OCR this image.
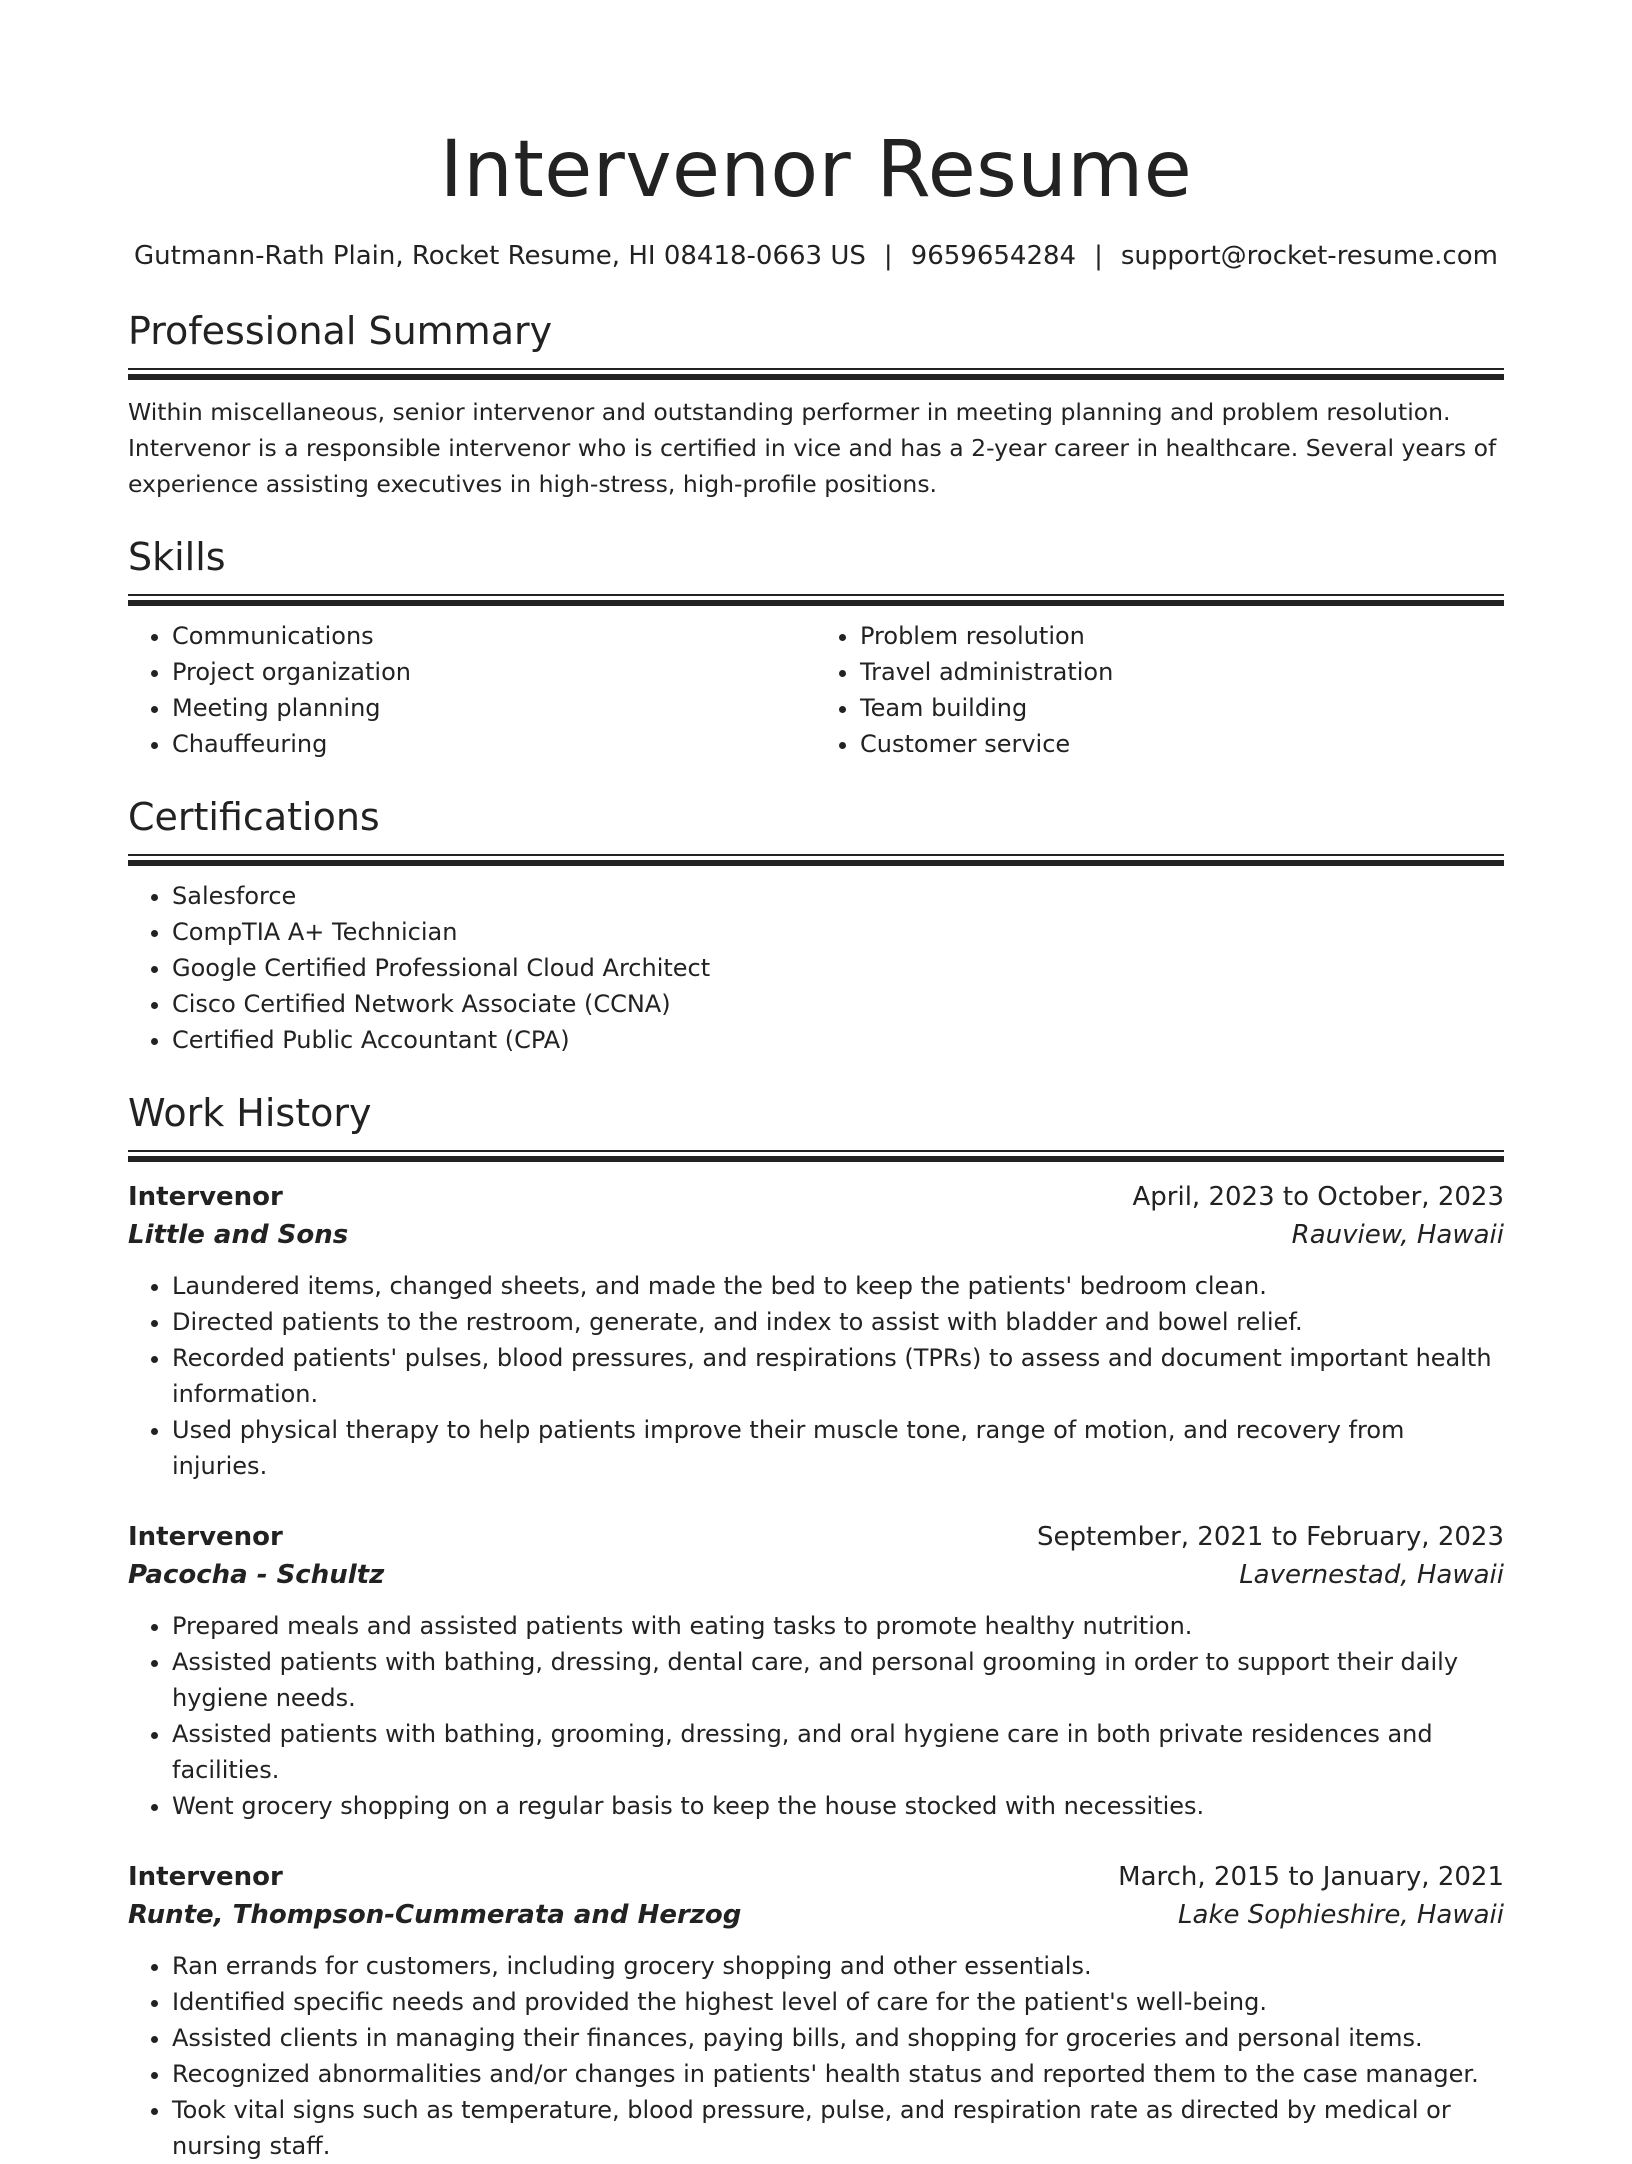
Intervenor Resume
Gutmann-Rath Plain, Rocket Resume, HI 08418-0663 US | 9659654284 | support@rocket-resume.com
Professional Summary

Within miscellaneous, senior intervenor and outstanding performer in meeting planning and problem resolution. Intervenor is a responsible intervenor who is certified in vice and has a 2-year career in healthcare. Several years of experience assisting executives in high-stress, high-profile positions.

Skills
• Communications
• Project organization
• Meeting planning
• Chauffeuring
• Problem resolution
• Travel administration
• Team building
• Customer service
Certifications
• Salesforce
• CompTIA A+ Technician
• Google Certified Professional Cloud Architect
• Cisco Certified Network Associate (CCNA)
• Certified Public Accountant (CPA)
Work History
Intervenor	April, 2023 to October, 2023
Little and Sons	Rauview, Hawaii
• Laundered items, changed sheets, and made the bed to keep the patients' bedroom clean.
• Directed patients to the restroom, generate, and index to assist with bladder and bowel relief.
• Recorded patients' pulses, blood pressures, and respirations (TPRs) to assess and document important health information.
• Used physical therapy to help patients improve their muscle tone, range of motion, and recovery from injuries.
Intervenor	September, 2021 to February, 2023
Pacocha - Schultz	Lavernestad, Hawaii
• Prepared meals and assisted patients with eating tasks to promote healthy nutrition.
• Assisted patients with bathing, dressing, dental care, and personal grooming in order to support their daily hygiene needs.
• Assisted patients with bathing, grooming, dressing, and oral hygiene care in both private residences and facilities.
• Went grocery shopping on a regular basis to keep the house stocked with necessities.
Intervenor	March, 2015 to January, 2021
Runte, Thompson-Cummerata and Herzog	Lake Sophieshire, Hawaii
• Ran errands for customers, including grocery shopping and other essentials.
• Identified specific needs and provided the highest level of care for the patient's well-being.
• Assisted clients in managing their finances, paying bills, and shopping for groceries and personal items.
• Recognized abnormalities and/or changes in patients' health status and reported them to the case manager.
• Took vital signs such as temperature, blood pressure, pulse, and respiration rate as directed by medical or nursing staff.
